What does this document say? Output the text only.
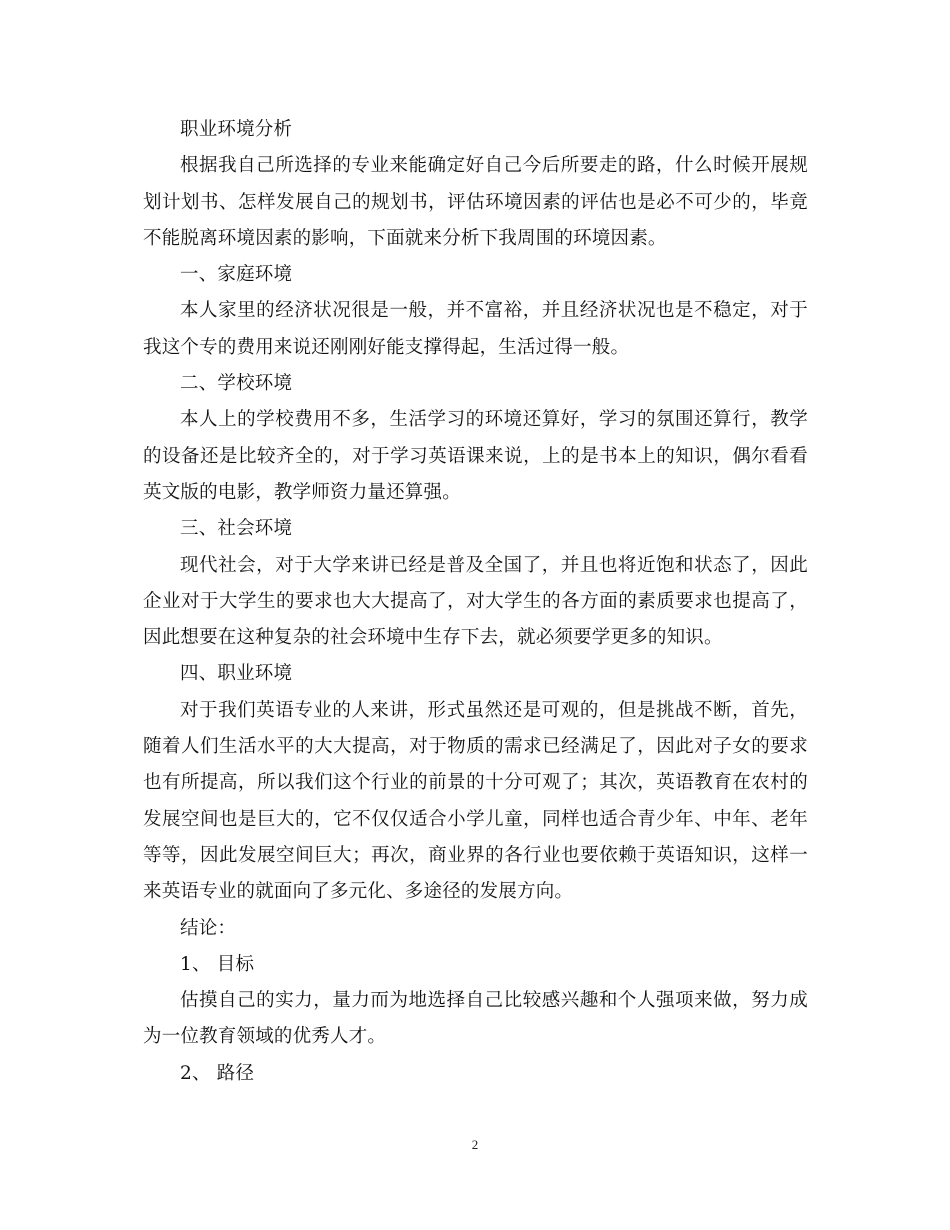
职业环境分析

根据我自己所选择的专业来能确定好自己今后所要走的路，什么时候开展规划计划书、怎样发展自己的规划书，评估环境因素的评估也是必不可少的，毕竟不能脱离环境因素的影响，下面就来分析下我周围的环境因素。

一、家庭环境

本人家里的经济状况很是一般，并不富裕，并且经济状况也是不稳定，对于我这个专的费用来说还刚刚好能支撑得起，生活过得一般。

二、学校环境

本人上的学校费用不多，生活学习的环境还算好，学习的氛围还算行，教学的设备还是比较齐全的，对于学习英语课来说，上的是书本上的知识，偶尔看看英文版的电影，教学师资力量还算强。

三、社会环境

现代社会，对于大学来讲已经是普及全国了，并且也将近饱和状态了，因此企业对于大学生的要求也大大提高了，对大学生的各方面的素质要求也提高了，因此想要在这种复杂的社会环境中生存下去，就必须要学更多的知识。

四、职业环境

对于我们英语专业的人来讲，形式虽然还是可观的，但是挑战不断，首先，随着人们生活水平的大大提高，对于物质的需求已经满足了，因此对子女的要求也有所提高，所以我们这个行业的前景的十分可观了；其次，英语教育在农村的发展空间也是巨大的，它不仅仅适合小学儿童，同样也适合青少年、中年、老年等等，因此发展空间巨大；再次，商业界的各行业也要依赖于英语知识，这样一来英语专业的就面向了多元化、多途径的发展方向。

结论：

1、 目标

估摸自己的实力，量力而为地选择自己比较感兴趣和个人强项来做，努力成为一位教育领域的优秀人才。

2、 路径

2
